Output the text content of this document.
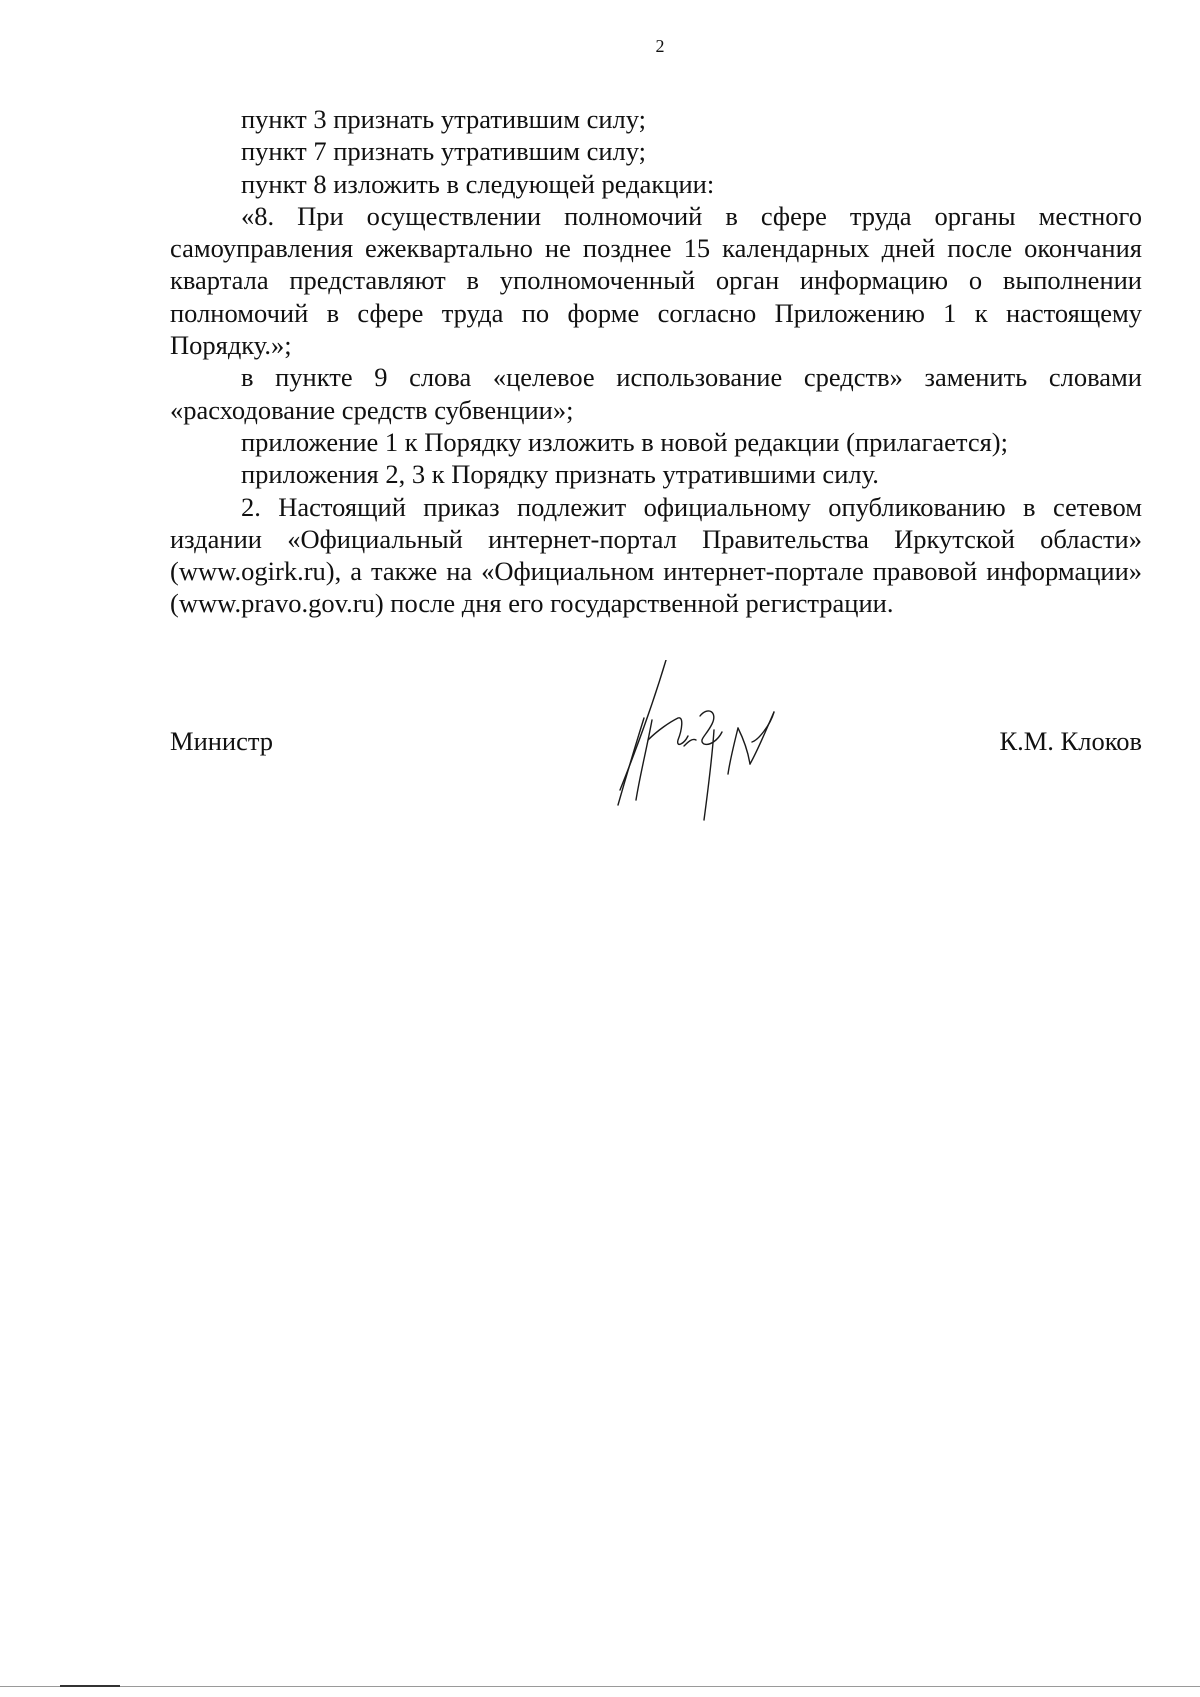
2

пункт 3 признать утратившим силу;

пункт 7 признать утратившим силу;

пункт 8 изложить в следующей редакции:

«8. При осуществлении полномочий в сфере труда органы местного самоуправления ежеквартально не позднее 15 календарных дней после окончания квартала представляют в уполномоченный орган информацию о выполнении полномочий в сфере труда по форме согласно Приложению 1 к настоящему Порядку.»;

в пункте 9 слова «целевое использование средств» заменить словами «расходование средств субвенции»;

приложение 1 к Порядку изложить в новой редакции (прилагается);

приложения 2, 3 к Порядку признать утратившими силу.

2. Настоящий приказ подлежит официальному опубликованию в сетевом издании «Официальный интернет-портал Правительства Иркутской области» (www.ogirk.ru), а также на «Официальном интернет-портале правовой информации» (www.pravo.gov.ru) после дня его государственной регистрации.

Министр	К.М. Клоков
